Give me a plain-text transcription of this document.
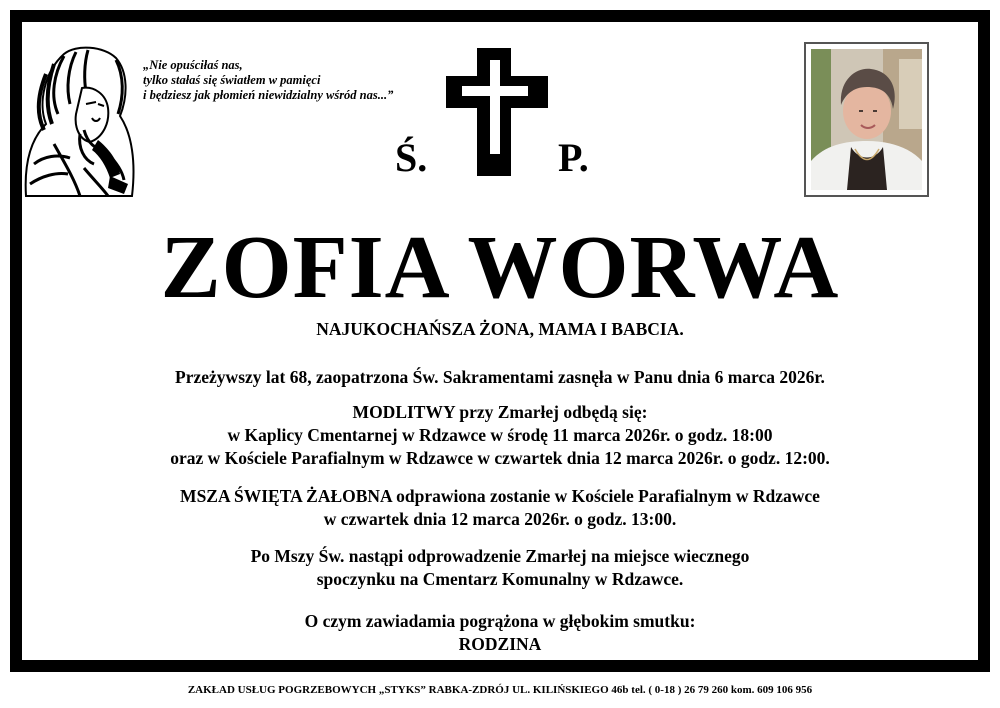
„Nie opuściłaś nas,
tylko stałaś się światłem w pamięci
i będziesz jak płomień niewidzialny wśród nas...”
Ś.	P.
ZOFIA WORWA
NAJUKOCHAŃSZA ŻONA, MAMA I BABCIA.
Przeżywszy lat 68, zaopatrzona Św. Sakramentami zasnęła w Panu dnia 6 marca 2026r.
MODLITWY przy Zmarłej odbędą się:
w Kaplicy Cmentarnej w Rdzawce w środę 11 marca 2026r. o godz. 18:00
oraz w Kościele Parafialnym w Rdzawce w czwartek dnia 12 marca 2026r. o godz. 12:00.
MSZA ŚWIĘTA ŻAŁOBNA odprawiona zostanie w Kościele Parafialnym w Rdzawce
w czwartek dnia 12 marca 2026r. o godz. 13:00.
Po Mszy Św. nastąpi odprowadzenie Zmarłej na miejsce wiecznego
spoczynku na Cmentarz Komunalny w Rdzawce.
O czym zawiadamia pogrążona w głębokim smutku:
RODZINA
ZAKŁAD USŁUG POGRZEBOWYCH „STYKS” RABKA-ZDRÓJ UL. KILIŃSKIEGO 46b tel. ( 0-18 ) 26 79 260 kom. 609 106 956
